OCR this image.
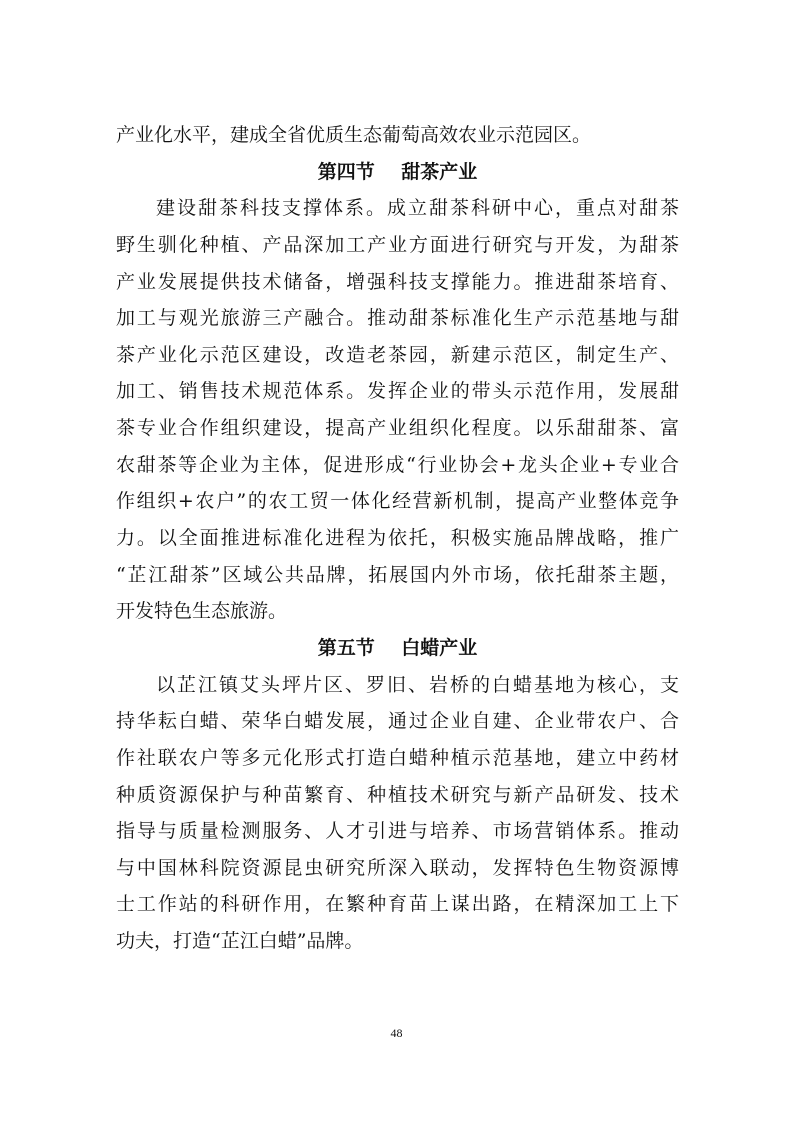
产业化水平，建成全省优质生态葡萄高效农业示范园区。
第四节    甜茶产业
建设甜茶科技支撑体系。成立甜茶科研中心，重点对甜茶
野生驯化种植、产品深加工产业方面进行研究与开发，为甜茶
产业发展提供技术储备，增强科技支撑能力。推进甜茶培育、
加工与观光旅游三产融合。推动甜茶标准化生产示范基地与甜
茶产业化示范区建设，改造老茶园，新建示范区，制定生产、
加工、销售技术规范体系。发挥企业的带头示范作用，发展甜
茶专业合作组织建设，提高产业组织化程度。以乐甜甜茶、富
农甜茶等企业为主体，促进形成“行业协会+龙头企业+专业合
作组织+农户”的农工贸一体化经营新机制，提高产业整体竞争
力。以全面推进标准化进程为依托，积极实施品牌战略，推广
“芷江甜茶”区域公共品牌，拓展国内外市场，依托甜茶主题，
开发特色生态旅游。
第五节    白蜡产业
以芷江镇艾头坪片区、罗旧、岩桥的白蜡基地为核心，支
持华耘白蜡、荣华白蜡发展，通过企业自建、企业带农户、合
作社联农户等多元化形式打造白蜡种植示范基地，建立中药材
种质资源保护与种苗繁育、种植技术研究与新产品研发、技术
指导与质量检测服务、人才引进与培养、市场营销体系。推动
与中国林科院资源昆虫研究所深入联动，发挥特色生物资源博
士工作站的科研作用，在繁种育苗上谋出路，在精深加工上下
功夫，打造“芷江白蜡”品牌。
48
